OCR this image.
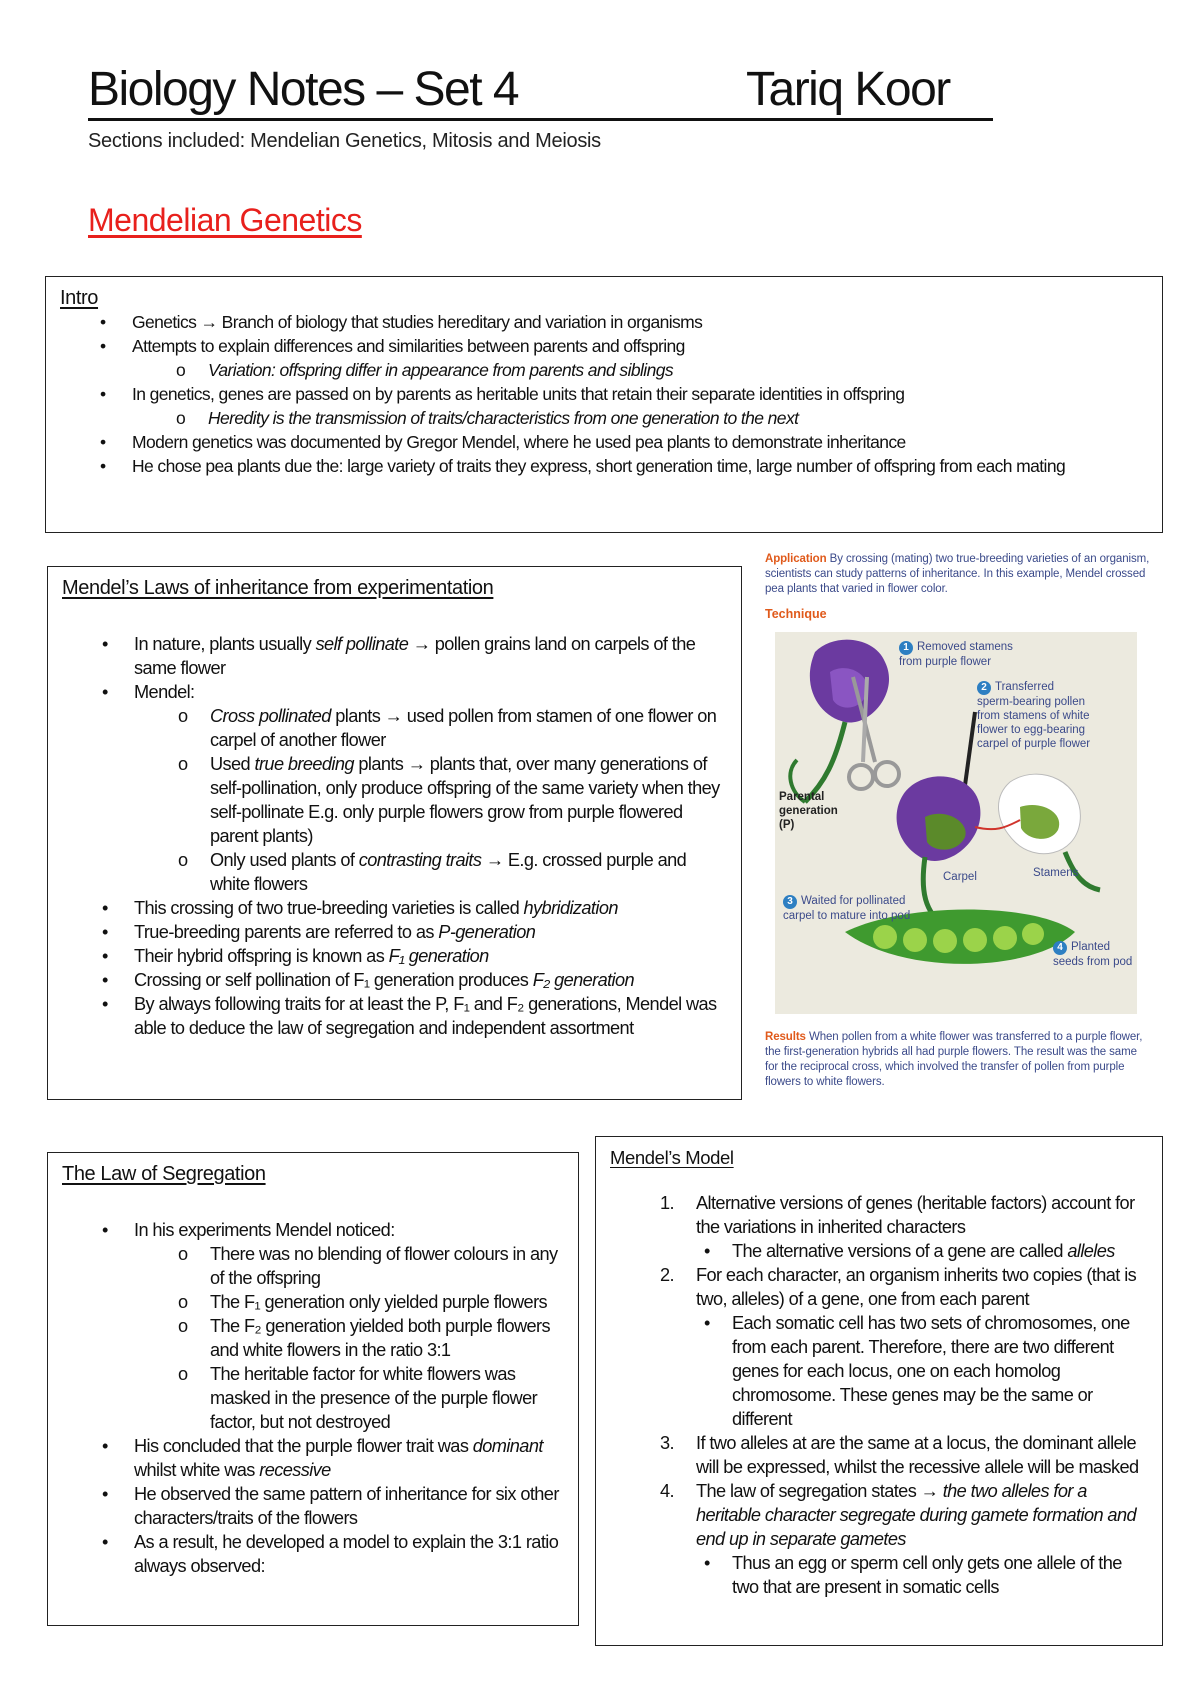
Biology Notes – Set 4	Tariq Koor
Sections included: Mendelian Genetics, Mitosis and Meiosis
Mendelian Genetics
Intro
• Genetics → Branch of biology that studies hereditary and variation in organisms
• Attempts to explain differences and similarities between parents and offspring
o Variation: offspring differ in appearance from parents and siblings
• In genetics, genes are passed on by parents as heritable units that retain their separate identities in offspring
o Heredity is the transmission of traits/characteristics from one generation to the next
• Modern genetics was documented by Gregor Mendel, where he used pea plants to demonstrate inheritance
• He chose pea plants due the: large variety of traits they express, short generation time, large number of offspring from each mating
Mendel’s Laws of inheritance from experimentation
• In nature, plants usually self pollinate → pollen grains land on carpels of the same flower
• Mendel:
o Cross pollinated plants → used pollen from stamen of one flower on carpel of another flower
o Used true breeding plants → plants that, over many generations of self-pollination, only produce offspring of the same variety when they self-pollinate E.g. only purple flowers grow from purple flowered parent plants)
o Only used plants of contrasting traits → E.g. crossed purple and white flowers
• This crossing of two true-breeding varieties is called hybridization
• True-breeding parents are referred to as P-generation
• Their hybrid offspring is known as F₁ generation
• Crossing or self pollination of F₁ generation produces F₂ generation
• By always following traits for at least the P, F₁ and F₂ generations, Mendel was able to deduce the law of segregation and independent assortment
Application By crossing (mating) two true-breeding varieties of an organism, scientists can study patterns of inheritance. In this example, Mendel crossed pea plants that varied in flower color.
Technique
1 Removed stamens from purple flower
2 Transferred sperm-bearing pollen from stamens of white flower to egg-bearing carpel of purple flower
Parental generation (P)
Carpel	Stamens
3 Waited for pollinated carpel to mature into pod
4 Planted seeds from pod
Results When pollen from a white flower was transferred to a purple flower, the first-generation hybrids all had purple flowers. The result was the same for the reciprocal cross, which involved the transfer of pollen from purple flowers to white flowers.
The Law of Segregation
• In his experiments Mendel noticed:
o There was no blending of flower colours in any of the offspring
o The F₁ generation only yielded purple flowers
o The F₂ generation yielded both purple flowers and white flowers in the ratio 3:1
o The heritable factor for white flowers was masked in the presence of the purple flower factor, but not destroyed
• His concluded that the purple flower trait was dominant whilst white was recessive
• He observed the same pattern of inheritance for six other characters/traits of the flowers
• As a result, he developed a model to explain the 3:1 ratio always observed:
Mendel’s Model
1. Alternative versions of genes (heritable factors) account for the variations in inherited characters
• The alternative versions of a gene are called alleles
2. For each character, an organism inherits two copies (that is two, alleles) of a gene, one from each parent
• Each somatic cell has two sets of chromosomes, one from each parent. Therefore, there are two different genes for each locus, one on each homolog chromosome. These genes may be the same or different
3. If two alleles at are the same at a locus, the dominant allele will be expressed, whilst the recessive allele will be masked
4. The law of segregation states → the two alleles for a heritable character segregate during gamete formation and end up in separate gametes
• Thus an egg or sperm cell only gets one allele of the two that are present in somatic cells
